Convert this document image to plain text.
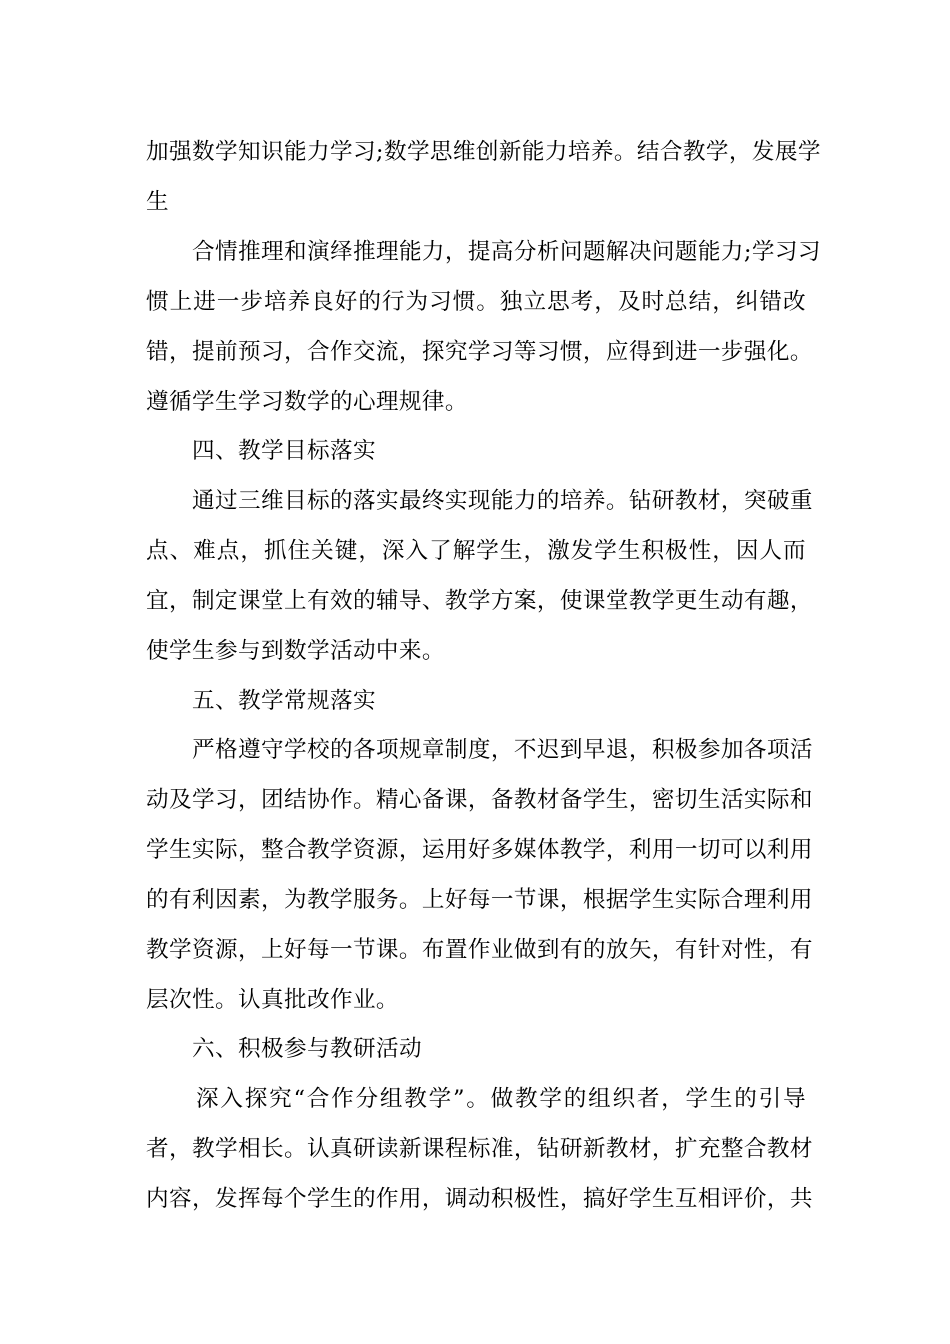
加强数学知识能力学习;数学思维创新能力培养。结合教学，发展学
生
合情推理和演绎推理能力，提高分析问题解决问题能力;学习习
惯上进一步培养良好的行为习惯。独立思考，及时总结，纠错改
错，提前预习，合作交流，探究学习等习惯，应得到进一步强化。
遵循学生学习数学的心理规律。
四、教学目标落实
通过三维目标的落实最终实现能力的培养。钻研教材，突破重
点、难点，抓住关键，深入了解学生，激发学生积极性，因人而
宜，制定课堂上有效的辅导、教学方案，使课堂教学更生动有趣，
使学生参与到数学活动中来。
五、教学常规落实
严格遵守学校的各项规章制度，不迟到早退，积极参加各项活
动及学习，团结协作。精心备课，备教材备学生，密切生活实际和
学生实际，整合教学资源，运用好多媒体教学，利用一切可以利用
的有利因素，为教学服务。上好每一节课，根据学生实际合理利用
教学资源，上好每一节课。布置作业做到有的放矢，有针对性，有
层次性。认真批改作业。
六、积极参与教研活动
深入探究“合作分组教学”。做教学的组织者，学生的引导
者，教学相长。认真研读新课程标准，钻研新教材，扩充整合教材
内容，发挥每个学生的作用，调动积极性，搞好学生互相评价，共
